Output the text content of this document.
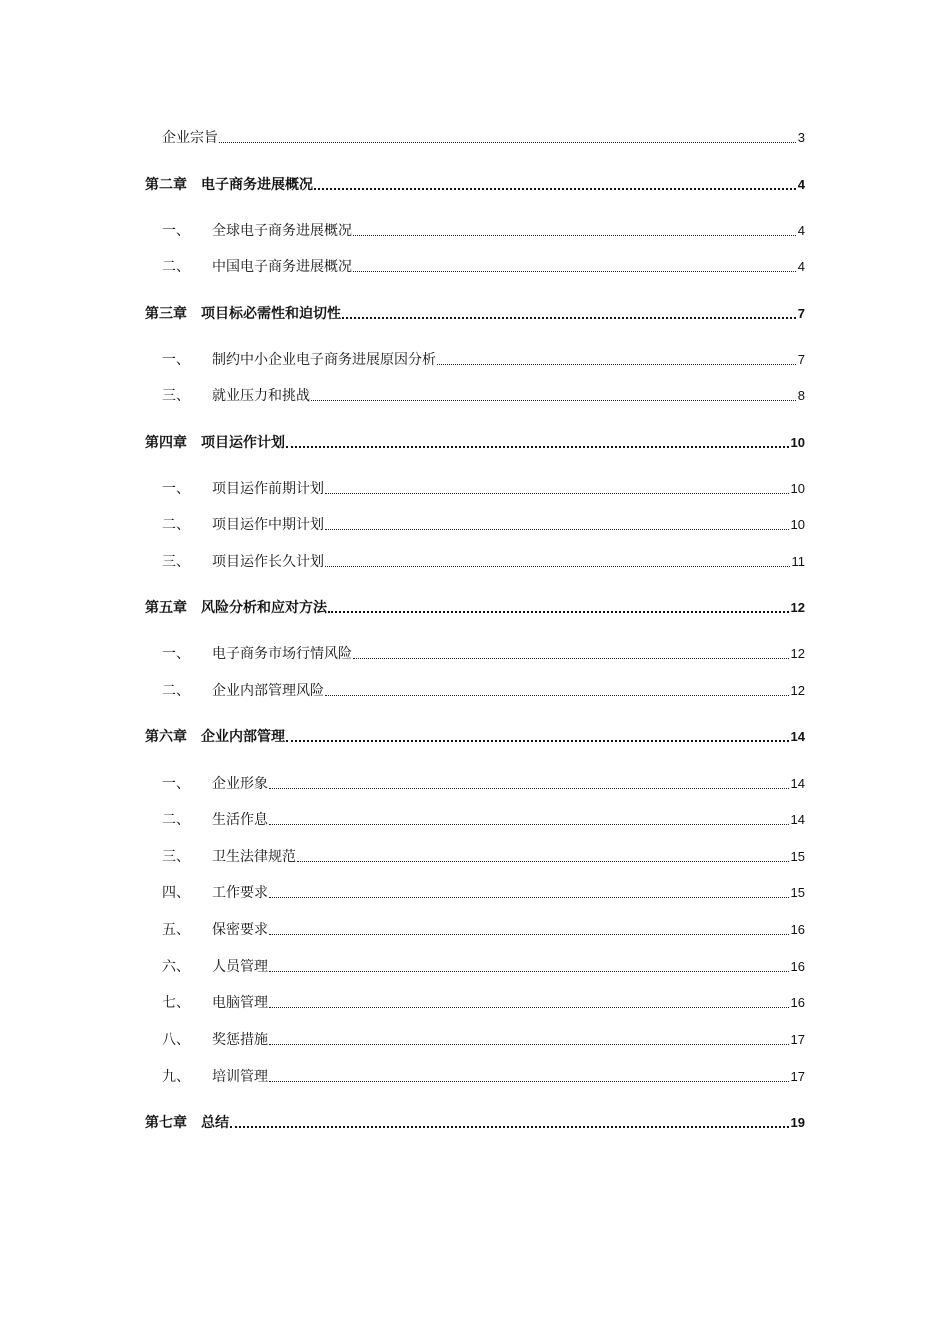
企业宗旨	3
第二章 电子商务进展概况	4
一、 全球电子商务进展概况	4
二、 中国电子商务进展概况	4
第三章 项目标必需性和迫切性	7
一、 制约中小企业电子商务进展原因分析	7
三、 就业压力和挑战	8
第四章 项目运作计划	10
一、 项目运作前期计划	10
二、 项目运作中期计划	10
三、 项目运作长久计划	11
第五章 风险分析和应对方法	12
一、 电子商务市场行情风险	12
二、 企业内部管理风险	12
第六章 企业内部管理	14
一、 企业形象	14
二、 生活作息	14
三、 卫生法律规范	15
四、 工作要求	15
五、 保密要求	16
六、 人员管理	16
七、 电脑管理	16
八、 奖惩措施	17
九、 培训管理	17
第七章 总结	19
